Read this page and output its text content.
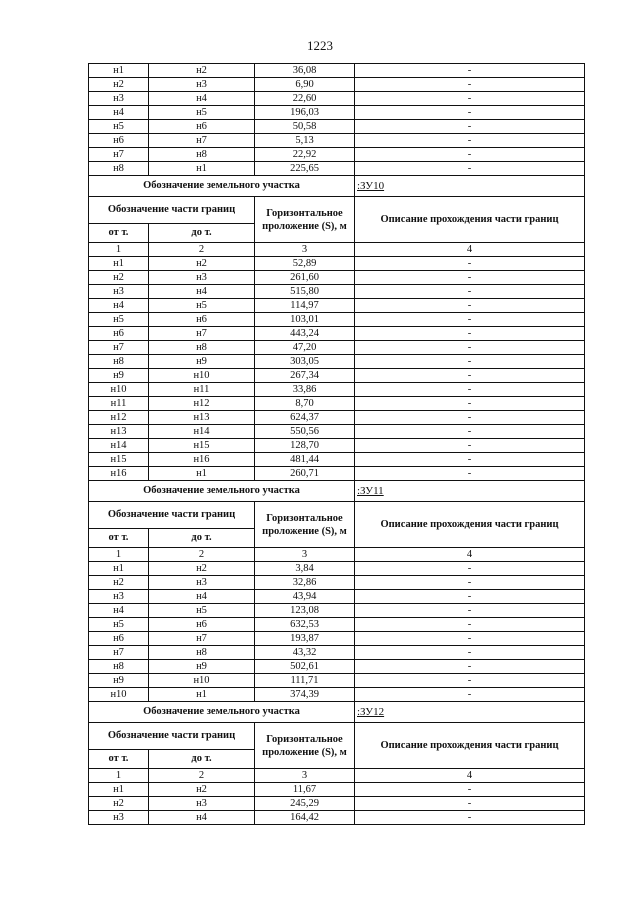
1223
н1	н2	36,08	-
н2	н3	6,90	-
н3	н4	22,60	-
н4	н5	196,03	-
н5	н6	50,58	-
н6	н7	5,13	-
н7	н8	22,92	-
н8	н1	225,65	-
Обозначение земельного участка			:ЗУ10
Обозначение части границ		Горизонтальное проложение (S), м	Описание прохождения части границ
от т.	до т.		
1	2	3	4
н1	н2	52,89	-
н2	н3	261,60	-
н3	н4	515,80	-
н4	н5	114,97	-
н5	н6	103,01	-
н6	н7	443,24	-
н7	н8	47,20	-
н8	н9	303,05	-
н9	н10	267,34	-
н10	н11	33,86	-
н11	н12	8,70	-
н12	н13	624,37	-
н13	н14	550,56	-
н14	н15	128,70	-
н15	н16	481,44	-
н16	н1	260,71	-
Обозначение земельного участка			:ЗУ11
Обозначение части границ		Горизонтальное проложение (S), м	Описание прохождения части границ
от т.	до т.		
1	2	3	4
н1	н2	3,84	-
н2	н3	32,86	-
н3	н4	43,94	-
н4	н5	123,08	-
н5	н6	632,53	-
н6	н7	193,87	-
н7	н8	43,32	-
н8	н9	502,61	-
н9	н10	111,71	-
н10	н1	374,39	-
Обозначение земельного участка			:ЗУ12
Обозначение части границ		Горизонтальное проложение (S), м	Описание прохождения части границ
от т.	до т.		
1	2	3	4
н1	н2	11,67	-
н2	н3	245,29	-
н3	н4	164,42	-
